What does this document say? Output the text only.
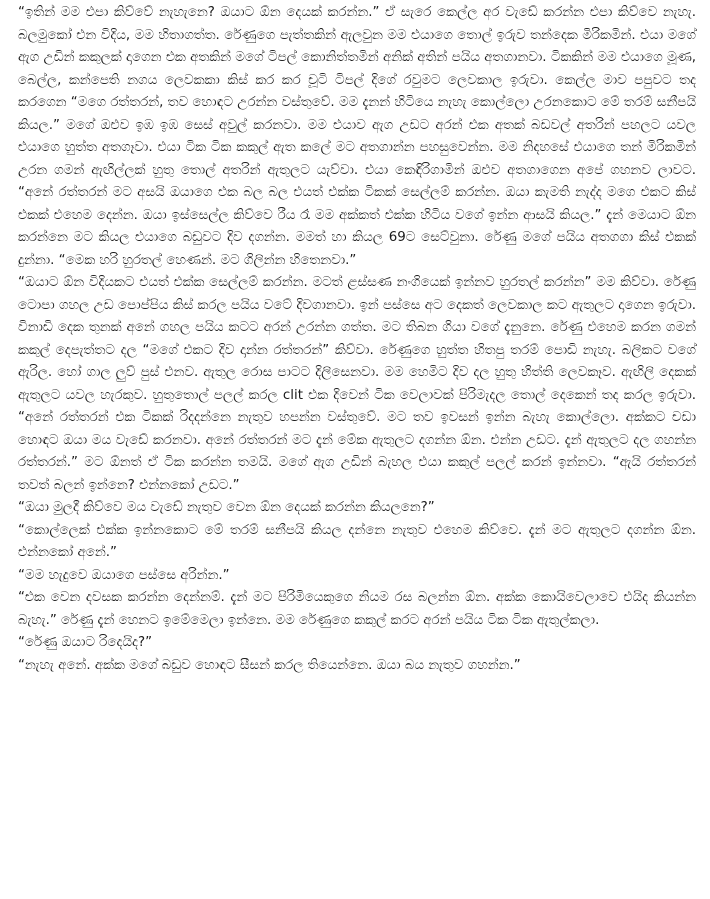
“ඉතින් මම එපා කිව්වේ නැහැනෙ? ඔයාට ඕන දෙයක් කරන්න.” ඒ සැරෙ කෙල්ල අර වැඩේ කරන්න එපා කිව්වෙ නැහැ. බලමුකෝ එන විදිය, මම හිතාගත්ත. රේණුගෙ පැත්තකින් ඇලවුන මම එයාගෙ තොල් ඉරුව තන්දෙක මිරිකමින්. එයා මගේ ඇග උඩින් කකුලක් දාගෙන එක අතකින් මගේ ටිපල් කොනිත්තමින් අනික් අතින් පයිය අතගානවා. ටිකකින් මම එයාගෙ මූණ, බෙල්ල, කන්පෙති නගය ලෙවකකා කිස් කර කර චූටි ටිපල් දිගේ රවුමට ලෙවකාල ඉරුවා. කෙල්ල මාව පපුවට තද කරගෙන “මගෙ රත්තරන්, තව හොඳට උරන්න වස්තුවේ. මම දැනන් හිටියෙ නැහැ කොල්ලො උරනකොට මේ තරම් සනීපයි කියල.” මගේ ඔළුව ඉඹ ඉඹ සෙස් අවුල් කරනවා. මම එයාව ඇග උඩට අරන් එක අතක් බඩවල් අතරින් පහලට යවල එයාගෙ හුත්ත අතගෑවා. එයා ටික ටික කකුල් ඇත කලේ මට අතගාන්න පහසුවෙන්න. මම නිදහසේ එයාගෙ තන් මිරිකමින් උරන ගමන් ඇඟිල්ලක් හුතු තොල් අතරින් ඇතුලට යැව්වා. එයා කෙඳිරිගාමින් ඔළුව අතගාගෙන අපේ ගහනව ලාවට. “අනේ රත්තරන් මට අසයි ඔයාගෙ එක බල බල එයත් එක්ක ටිකක් සෙල්ලම් කරන්න. ඔයා කැමති නැද්ද මගෙ එකට කිස් එකක් එහෙම දෙන්න. ඔයා ඉස්සෙල්ල කිව්වෙ රීය රෑ මම අක්කත් එක්ක හිටිය වගේ ඉන්න ආසයි කියල.” දැන් මෙයාට ඕන කරන්නෙ මට කියල එයාගෙ බඩුවට දිව දගන්න. මමත් හා කියල 69ට සෙට්වුනා. රේණු මගේ පයිය අතගගා කිස් එකක් දුන්නා. “මෙක හරි හුරතල් හෙණන්. මට ගිලින්න හිතෙනවා.”

“ඔයාට ඕන විදියකට එයත් එක්ක සෙල්ලම් කරන්න. මටත් ළස්සණ නංගියෙක් ඉන්නව හුරතල් කරන්න” මම කිව්වා. රේණු ටොපා ගහල උඩ පොප්පිය කිස් කරල පයිය වටේ දිවගානවා. ඉන් පස්සෙ අට දෙකත් ලෙවකාල කට ඇතුලට දාගෙන ඉරුවා. විනාඩි දෙක තුනක් අනේ ගහල පයිය කටට අරන් උරන්න ගත්ත. මට තිබන ගියා වගේ දැනුනෙ. රේණු එහෙම කරන ගමන් කකුල් දෙපැත්තට දල “මගේ එකට දිව දාන්න රත්තරන්” කිව්වා. රේණුගෙ හුත්ත හිතපු තරම් පොඩි නැහැ. බලිකට වගේ ඇරිල. හෝ ගාල ලුව් පුස් එනව. ඇතුල රොස පාටට දිලිසෙනවා. මම හෙමිට දිව දල හුතු හිත්ති ලෙවකෑව. ඇඟිලි දෙකක් ඇතුලට යවල හැරකුව. හුතුතොල් පලල් කරල clit එක දිවෙන් ටික වෙලාවක් පිරිමැදල තොල් දෙකෙන් තද කරල ඉරුවා. “අනේ රත්තරන් එක ටිකක් රිදදන්නෙ නැතුව හපන්න වස්තුවේ. මට තව ඉවසන් ඉන්න බැහැ කොල්ලො. අක්කට චඩා හොඳට ඔයා මය වැඩේ කරනවා. අනේ රත්තරන් මට දැන් මේක ඇතුලට දගන්න ඕන. එන්න උඩට. දැන් ඇතුලට දල ගහන්න රත්තරන්.” මට ඕනත් ඒ ටික කරන්න තමයි. මගේ ඇග උඩින් බැහල එයා කකුල් පලල් කරන් ඉන්නවා. “ඇයි රත්තරන් තවත් බලන් ඉන්නෙ? එන්නකෝ උඩට.”

“ඔයා මුලදී කිව්වෙ මය වැඩේ නැතුව වෙන ඕන දෙයක් කරන්න කියලනෙ?”

“කොල්ලෙක් එක්ක ඉන්නකොට මේ තරම් සනීපයි කියල දන්නෙ නැතුව එහෙම කිව්වෙ. දැන් මට ඇතුලට දගන්න ඕන. එන්නකෝ අනේ.”

“මම හැදුවෙ ඔයාගෙ පස්සෙ අරින්න.”

“එක වෙන දවසක කරන්න දෙන්නම්. දැන් මට පිරිමියෙකුගෙ නියම රස බලන්න ඕන. අක්ක කොයිවෙලාවෙ එයිද කියන්න බැහැ.” රේණු දැන් හෙනට ඉමේමෙලා ඉන්නෙ. මම රේණුගෙ කකුල් කරට අරන් පයිය ටික ටික ඇතුල්කලා.

“රේණු ඔයාට රිදෙයිද?”

“නැහැ අනේ. අක්ක මගේ බඩුව හොඳට සීසන් කරල තියෙන්නෙ. ඔයා බය නැතුව ගහන්න.”
